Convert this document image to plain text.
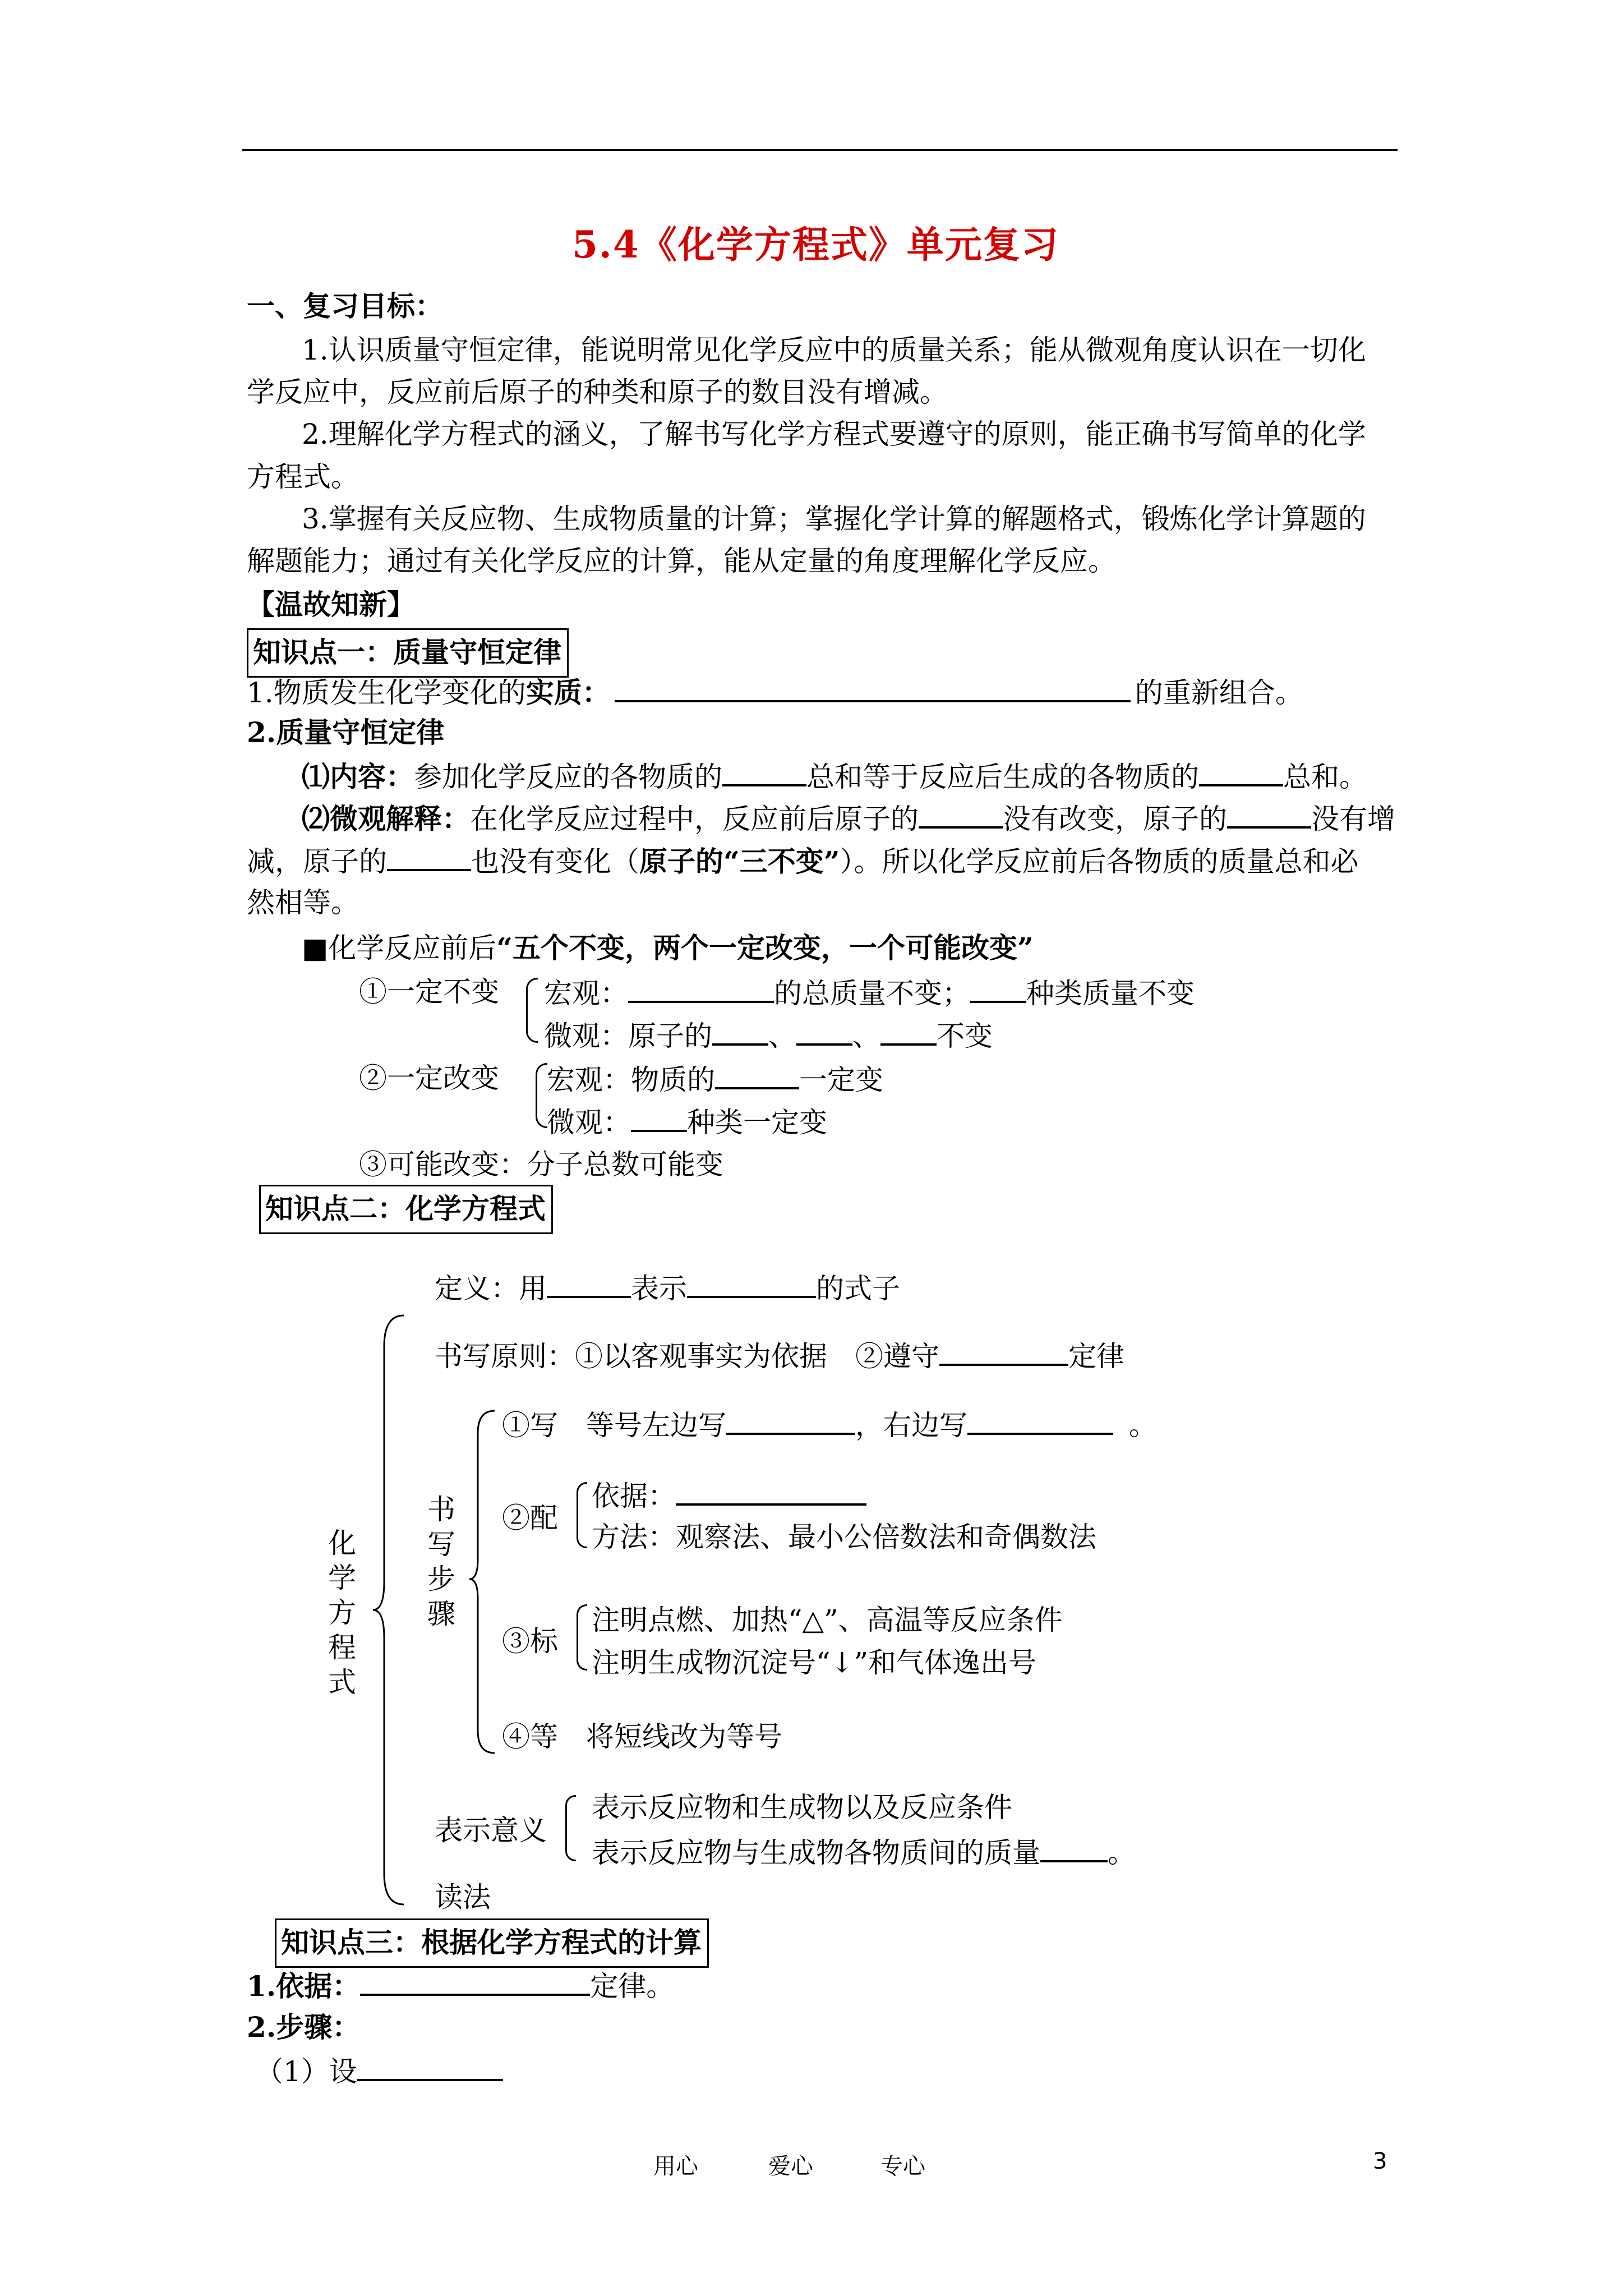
5.4《化学方程式》单元复习
一、复习目标：
1.认识质量守恒定律，能说明常见化学反应中的质量关系；能从微观角度认识在一切化
学反应中，反应前后原子的种类和原子的数目没有增减。
2.理解化学方程式的涵义，了解书写化学方程式要遵守的原则，能正确书写简单的化学
方程式。
3.掌握有关反应物、生成物质量的计算；掌握化学计算的解题格式，锻炼化学计算题的
解题能力；通过有关化学反应的计算，能从定量的角度理解化学反应。
【温故知新】
知识点一：质量守恒定律
1.物质发生化学变化的实质：	的重新组合。
2.质量守恒定律
⑴内容：参加化学反应的各物质的	总和等于反应后生成的各物质的	总和。
⑵微观解释：在化学反应过程中，反应前后原子的	没有改变，原子的	没有增
减，原子的	也没有变化（原子的“三不变”）。所以化学反应前后各物质的质量总和必
然相等。
■化学反应前后“五个不变，两个一定改变，一个可能改变”
①一定不变 宏观：	的总质量不变； 种类质量不变
微观：原子的 、 、 不变
②一定改变 宏观：物质的	一定变
微观： 种类一定变
③可能改变：分子总数可能变
知识点二：化学方程式
化
学
方
程
式
定义：用	表示	的式子
书写原则：①以客观事实为依据　②遵守	定律
书
写
步
骤
①写　等号左边写	，右边写	。
②配
依据：
方法：观察法、最小公倍数法和奇偶数法
③标
注明点燃、加热“△”、高温等反应条件
注明生成物沉淀号“↓”和气体逸出号
④等　将短线改为等号
表示意义
表示反应物和生成物以及反应条件
表示反应物与生成物各物质间的质量 。
读法
知识点三：根据化学方程式的计算
1.依据：	定律。
2.步骤：
（1）设
用心	爱心	专心	3
